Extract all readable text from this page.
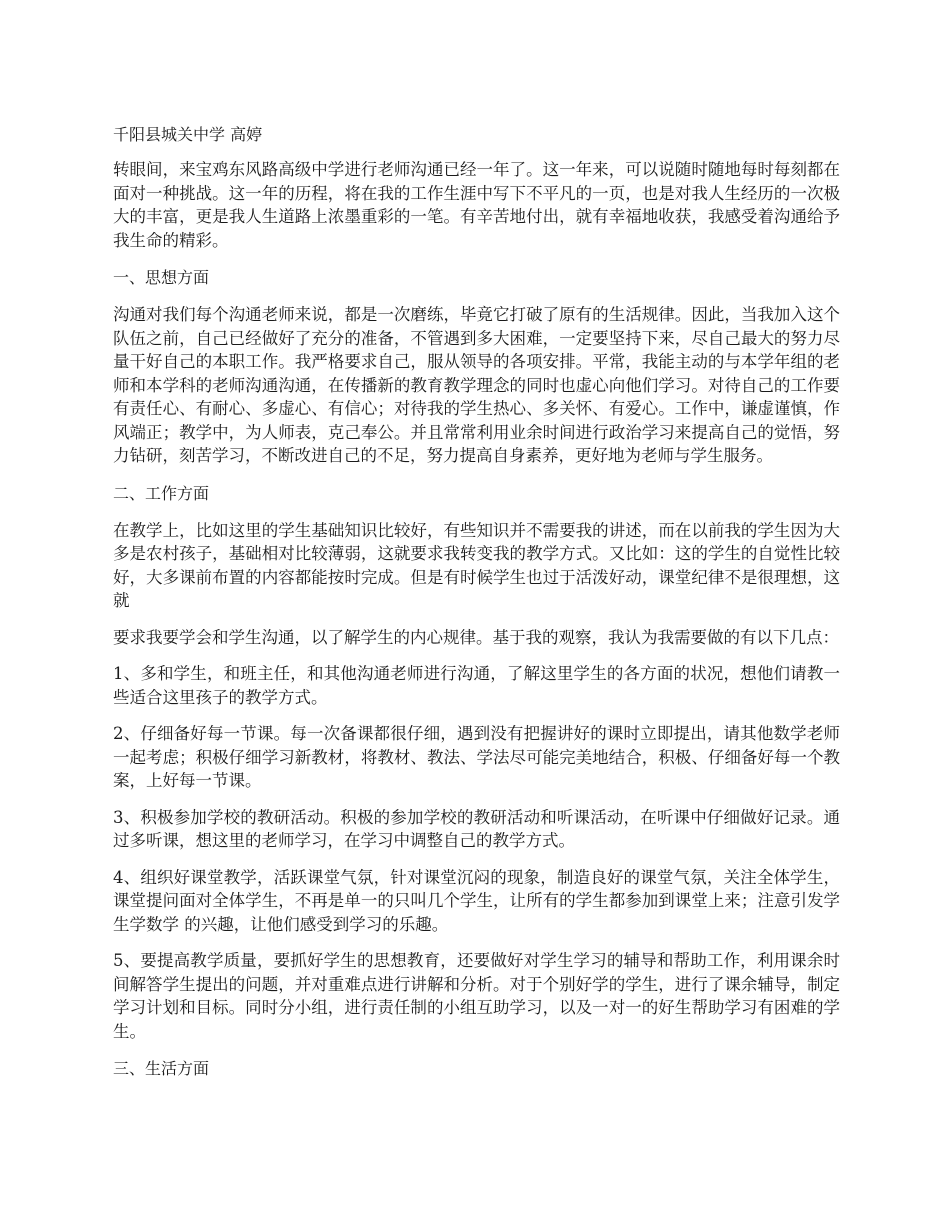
千阳县城关中学 高婷

转眼间，来宝鸡东风路高级中学进行老师沟通已经一年了。这一年来，可以说随时随地每时每刻都在面对一种挑战。这一年的历程，将在我的工作生涯中写下不平凡的一页，也是对我人生经历的一次极大的丰富，更是我人生道路上浓墨重彩的一笔。有辛苦地付出，就有幸福地收获，我感受着沟通给予我生命的精彩。

一、思想方面

沟通对我们每个沟通老师来说，都是一次磨练，毕竟它打破了原有的生活规律。因此，当我加入这个队伍之前，自己已经做好了充分的准备，不管遇到多大困难，一定要坚持下来，尽自己最大的努力尽量干好自己的本职工作。我严格要求自己，服从领导的各项安排。平常，我能主动的与本学年组的老师和本学科的老师沟通沟通，在传播新的教育教学理念的同时也虚心向他们学习。对待自己的工作要有责任心、有耐心、多虚心、有信心；对待我的学生热心、多关怀、有爱心。工作中，谦虚谨慎，作风端正；教学中，为人师表，克己奉公。并且常常利用业余时间进行政治学习来提高自己的觉悟，努力钻研，刻苦学习，不断改进自己的不足，努力提高自身素养，更好地为老师与学生服务。

二、工作方面

在教学上，比如这里的学生基础知识比较好，有些知识并不需要我的讲述，而在以前我的学生因为大多是农村孩子，基础相对比较薄弱，这就要求我转变我的教学方式。又比如：这的学生的自觉性比较好，大多课前布置的内容都能按时完成。但是有时候学生也过于活泼好动，课堂纪律不是很理想，这就

要求我要学会和学生沟通，以了解学生的内心规律。基于我的观察，我认为我需要做的有以下几点：

1、多和学生，和班主任，和其他沟通老师进行沟通，了解这里学生的各方面的状况，想他们请教一些适合这里孩子的教学方式。

2、仔细备好每一节课。每一次备课都很仔细，遇到没有把握讲好的课时立即提出，请其他数学老师一起考虑；积极仔细学习新教材，将教材、教法、学法尽可能完美地结合，积极、仔细备好每一个教案，上好每一节课。

3、积极参加学校的教研活动。积极的参加学校的教研活动和听课活动，在听课中仔细做好记录。通过多听课，想这里的老师学习，在学习中调整自己的教学方式。

4、组织好课堂教学，活跃课堂气氛，针对课堂沉闷的现象，制造良好的课堂气氛，关注全体学生，课堂提问面对全体学生，不再是单一的只叫几个学生，让所有的学生都参加到课堂上来；注意引发学生学数学 的兴趣，让他们感受到学习的乐趣。

5、要提高教学质量，要抓好学生的思想教育，还要做好对学生学习的辅导和帮助工作，利用课余时间解答学生提出的问题，并对重难点进行讲解和分析。对于个别好学的学生，进行了课余辅导，制定学习计划和目标。同时分小组，进行责任制的小组互助学习，以及一对一的好生帮助学习有困难的学生。

三、生活方面
